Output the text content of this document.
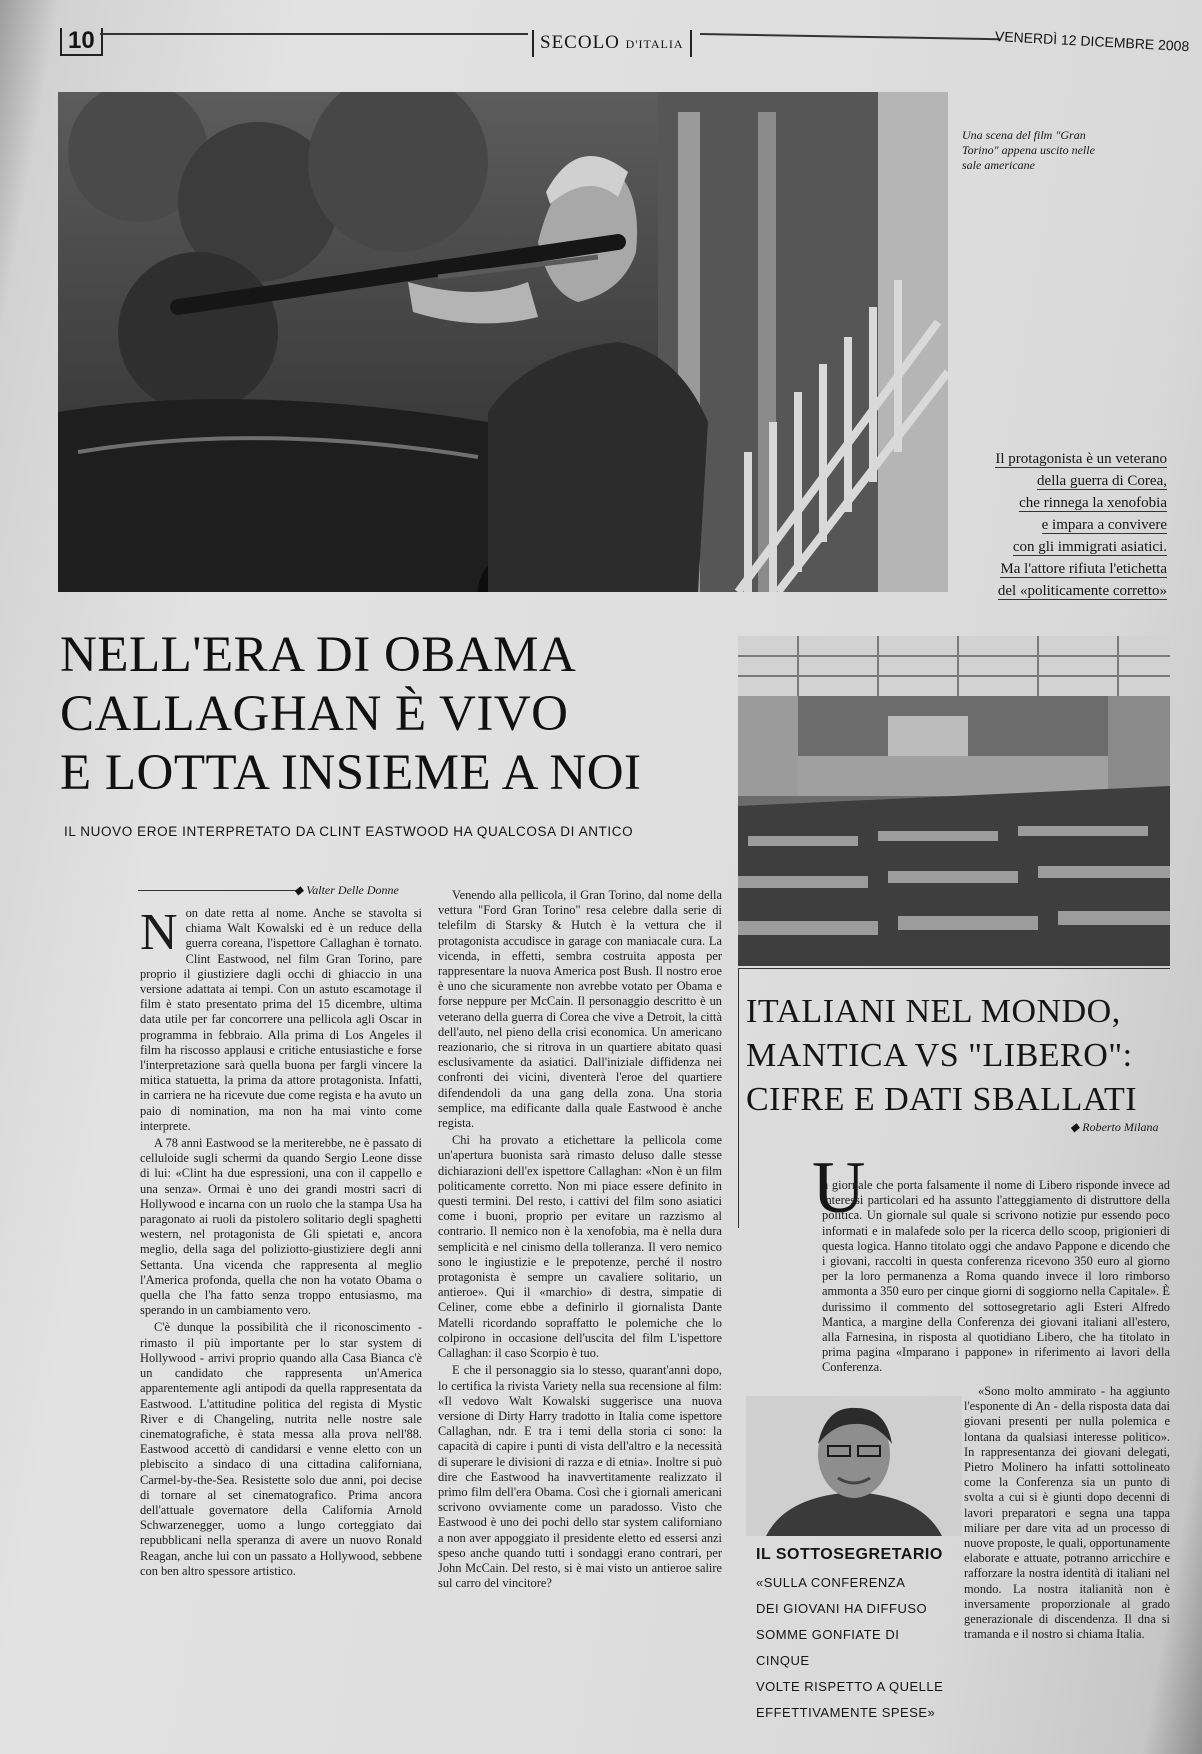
10	SECOLO D'ITALIA	VENERDÌ 12 DICEMBRE 2008
Una scena del film "Gran Torino" appena uscito nelle sale americane
Il protagonista è un veterano
della guerra di Corea,
che rinnega la xenofobia
e impara a convivere
con gli immigrati asiatici.
Ma l'attore rifiuta l'etichetta
del «politicamente corretto»
NELL'ERA DI OBAMA
CALLAGHAN È VIVO
E LOTTA INSIEME A NOI
IL NUOVO EROE INTERPRETATO DA CLINT EASTWOOD HA QUALCOSA DI ANTICO
ITALIANI NEL MONDO,
MANTICA VS "LIBERO":
CIFRE E DATI SBALLATI
◆ Roberto Milana
U
◆ Valter Delle Donne

Non date retta al nome. Anche se stavolta si chiama Walt Kowalski ed è un reduce della guerra coreana, l'ispettore Callaghan è tornato. Clint Eastwood, nel film Gran Torino, pare proprio il giustiziere dagli occhi di ghiaccio in una versione adattata ai tempi. Con un astuto escamotage il film è stato presentato prima del 15 dicembre, ultima data utile per far concorrere una pellicola agli Oscar in programma in febbraio. Alla prima di Los Angeles il film ha riscosso applausi e critiche entusiastiche e forse l'interpretazione sarà quella buona per fargli vincere la mitica statuetta, la prima da attore protagonista. Infatti, in carriera ne ha ricevute due come regista e ha avuto un paio di nomination, ma non ha mai vinto come interprete.

A 78 anni Eastwood se la meriterebbe, ne è passato di celluloide sugli schermi da quando Sergio Leone disse di lui: «Clint ha due espressioni, una con il cappello e una senza». Ormai è uno dei grandi mostri sacri di Hollywood e incarna con un ruolo che la stampa Usa ha paragonato ai ruoli da pistolero solitario degli spaghetti western, nel protagonista de Gli spietati e, ancora meglio, della saga del poliziotto-giustiziere degli anni Settanta. Una vicenda che rappresenta al meglio l'America profonda, quella che non ha votato Obama o quella che l'ha fatto senza troppo entusiasmo, ma sperando in un cambiamento vero.

C'è dunque la possibilità che il riconoscimento - rimasto il più importante per lo star system di Hollywood - arrivi proprio quando alla Casa Bianca c'è un candidato che rappresenta un'America apparentemente agli antipodi da quella rappresentata da Eastwood. L'attitudine politica del regista di Mystic River e di Changeling, nutrita nelle nostre sale cinematografiche, è stata messa alla prova nell'88. Eastwood accettò di candidarsi e venne eletto con un plebiscito a sindaco di una cittadina californiana, Carmel-by-the-Sea. Resistette solo due anni, poi decise di tornare al set cinematografico. Prima ancora dell'attuale governatore della California Arnold Schwarzenegger, uomo a lungo corteggiato dai repubblicani nella speranza di avere un nuovo Ronald Reagan, anche lui con un passato a Hollywood, sebbene con ben altro spessore artistico.

Venendo alla pellicola, il Gran Torino, dal nome della vettura "Ford Gran Torino" resa celebre dalla serie di telefilm di Starsky & Hutch è la vettura che il protagonista accudisce in garage con maniacale cura. La vicenda, in effetti, sembra costruita apposta per rappresentare la nuova America post Bush. Il nostro eroe è uno che sicuramente non avrebbe votato per Obama e forse neppure per McCain. Il personaggio descritto è un veterano della guerra di Corea che vive a Detroit, la città dell'auto, nel pieno della crisi economica. Un americano reazionario, che si ritrova in un quartiere abitato quasi esclusivamente da asiatici. Dall'iniziale diffidenza nei confronti dei vicini, diventerà l'eroe del quartiere difendendoli da una gang della zona. Una storia semplice, ma edificante dalla quale Eastwood è anche regista.

Chi ha provato a etichettare la pellicola come un'apertura buonista sarà rimasto deluso dalle stesse dichiarazioni dell'ex ispettore Callaghan: «Non è un film politicamente corretto. Non mi piace essere definito in questi termini. Del resto, i cattivi del film sono asiatici come i buoni, proprio per evitare un razzismo al contrario. Il nemico non è la xenofobia, ma è nella dura semplicità e nel cinismo della tolleranza. Il vero nemico sono le ingiustizie e le prepotenze, perché il nostro protagonista è sempre un cavaliere solitario, un antieroe». Qui il «marchio» di destra, simpatie di Celiner, come ebbe a definirlo il giornalista Dante Matelli ricordando sopraffatto le polemiche che lo colpirono in occasione dell'uscita del film L'ispettore Callaghan: il caso Scorpio è tuo.

E che il personaggio sia lo stesso, quarant'anni dopo, lo certifica la rivista Variety nella sua recensione al film: «Il vedovo Walt Kowalski suggerisce una nuova versione di Dirty Harry tradotto in Italia come ispettore Callaghan, ndr. E tra i temi della storia ci sono: la capacità di capire i punti di vista dell'altro e la necessità di superare le divisioni di razza e di etnia». Inoltre si può dire che Eastwood ha inavvertitamente realizzato il primo film dell'era Obama. Così che i giornali americani scrivono ovviamente come un paradosso. Visto che Eastwood è uno dei pochi dello star system californiano a non aver appoggiato il presidente eletto ed essersi anzi speso anche quando tutti i sondaggi erano contrari, per John McCain. Del resto, si è mai visto un antieroe salire sul carro del vincitore?

n giornale che porta falsamente il nome di Libero risponde invece ad interessi particolari ed ha assunto l'atteggiamento di distruttore della politica. Un giornale sul quale si scrivono notizie pur essendo poco informati e in malafede solo per la ricerca dello scoop, prigionieri di questa logica. Hanno titolato oggi che andavo Pappone e dicendo che i giovani, raccolti in questa conferenza ricevono 350 euro al giorno per la loro permanenza a Roma quando invece il loro rimborso ammonta a 350 euro per cinque giorni di soggiorno nella Capitale». È durissimo il commento del sottosegretario agli Esteri Alfredo Mantica, a margine della Conferenza dei giovani italiani all'estero, alla Farnesina, in risposta al quotidiano Libero, che ha titolato in prima pagina «Imparano i pappone» in riferimento ai lavori della Conferenza.

IL SOTTOSEGRETARIO
«SULLA CONFERENZA
DEI GIOVANI HA DIFFUSO
SOMME GONFIATE DI CINQUE
VOLTE RISPETTO A QUELLE
EFFETTIVAMENTE SPESE»

«Sono molto ammirato - ha aggiunto l'esponente di An - della risposta data dai giovani presenti per nulla polemica e lontana da qualsiasi interesse politico». In rappresentanza dei giovani delegati, Pietro Molinero ha infatti sottolineato come la Conferenza sia un punto di svolta a cui si è giunti dopo decenni di lavori preparatori e segna una tappa miliare per dare vita ad un processo di nuove proposte, le quali, opportunamente elaborate e attuate, potranno arricchire e rafforzare la nostra identità di italiani nel mondo. La nostra italianità non è inversamente proporzionale al grado generazionale di discendenza. Il dna si tramanda e il nostro si chiama Italia.
